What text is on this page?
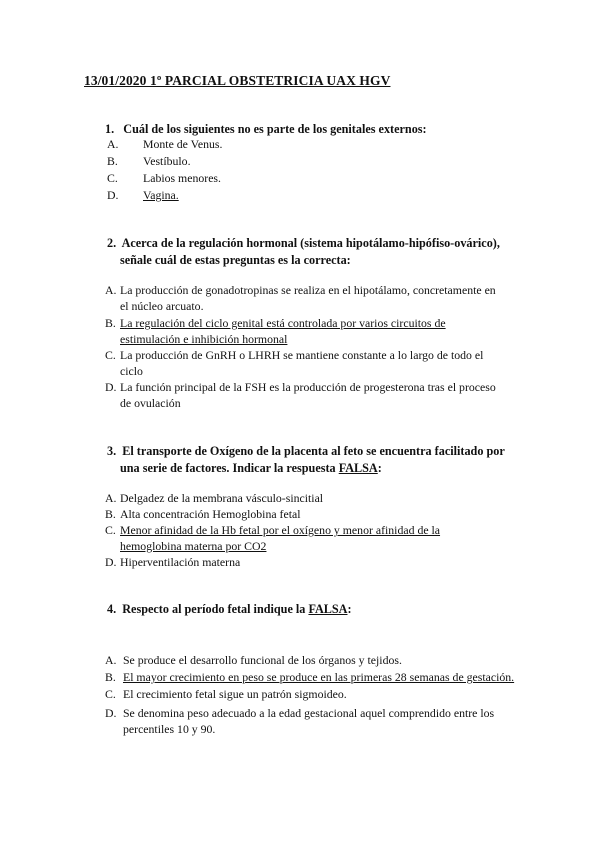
13/01/2020 1º PARCIAL OBSTETRICIA UAX HGV
1. Cuál de los siguientes no es parte de los genitales externos:
A. Monte de Venus.
B. Vestíbulo.
C. Labios menores.
D. Vagina.
2. Acerca de la regulación hormonal (sistema hipotálamo-hipófiso-ovárico),
señale cuál de estas preguntas es la correcta:
A. La producción de gonadotropinas se realiza en el hipotálamo, concretamente en
el núcleo arcuato.
B. La regulación del ciclo genital está controlada por varios circuitos de
estimulación e inhibición hormonal
C. La producción de GnRH o LHRH se mantiene constante a lo largo de todo el
ciclo
D. La función principal de la FSH es la producción de progesterona tras el proceso
de ovulación
3. El transporte de Oxígeno de la placenta al feto se encuentra facilitado por
una serie de factores. Indicar la respuesta FALSA:
A. Delgadez de la membrana vásculo-sincitial
B. Alta concentración Hemoglobina fetal
C. Menor afinidad de la Hb fetal por el oxígeno y menor afinidad de la
hemoglobina materna por CO2
D. Hiperventilación materna
4. Respecto al período fetal indique la FALSA:
A. Se produce el desarrollo funcional de los órganos y tejidos.
B. El mayor crecimiento en peso se produce en las primeras 28 semanas de gestación.
C. El crecimiento fetal sigue un patrón sigmoideo.
D. Se denomina peso adecuado a la edad gestacional aquel comprendido entre los
percentiles 10 y 90.
